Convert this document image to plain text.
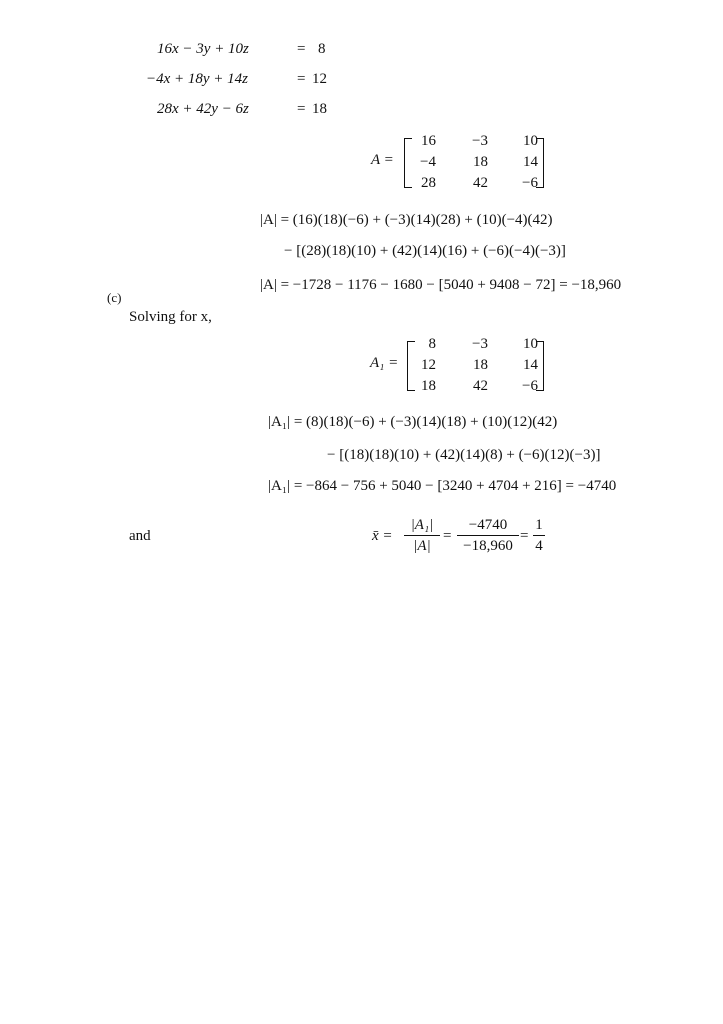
16x − 3y + 10z	= 8
−4x + 18y + 14z	= 12
28x + 42y − 6z	= 18
A =
16	−3	10
−4	18	14
28	42	−6
|A| = (16)(18)(−6) + (−3)(14)(28) + (10)(−4)(42)
− [(28)(18)(10) + (42)(14)(16) + (−6)(−4)(−3)]
|A| = −1728 − 1176 − 1680 − [5040 + 9408 − 72] = −18,960
(c)
Solving for x,
A₁ =
8	−3	10
12	18	14
18	42	−6
|A₁| = (8)(18)(−6) + (−3)(14)(18) + (10)(12)(42)
− [(18)(18)(10) + (42)(14)(8) + (−6)(12)(−3)]
|A₁| = −864 − 756 + 5040 − [3240 + 4704 + 216] = −4740
and	x̄ =
|A₁|
|A|
=
−4740
−18,960
=
1
4
